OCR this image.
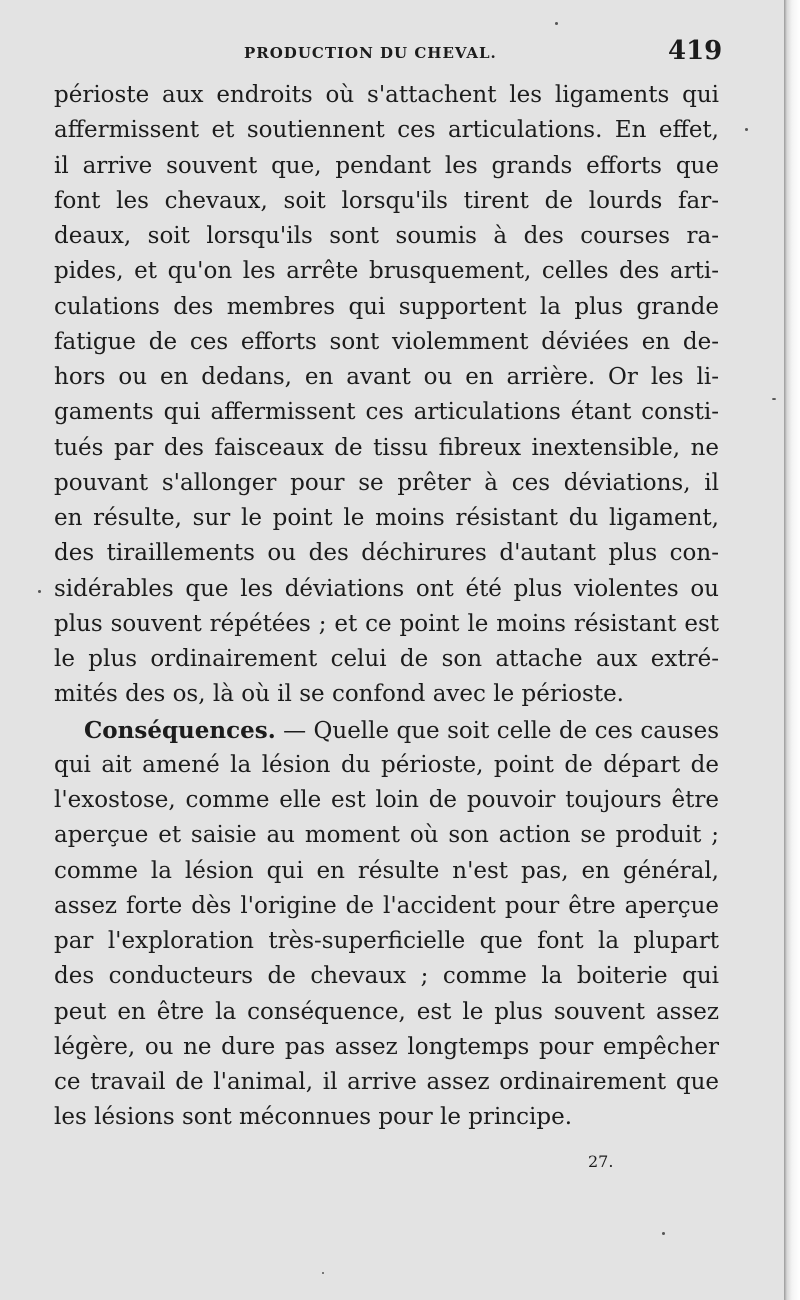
PRODUCTION DU CHEVAL.	419
périoste aux endroits où s'attachent les ligaments qui
affermissent et soutiennent ces articulations. En effet,
il arrive souvent que, pendant les grands efforts que
font les chevaux, soit lorsqu'ils tirent de lourds far-
deaux, soit lorsqu'ils sont soumis à des courses ra-
pides, et qu'on les arrête brusquement, celles des arti-
culations des membres qui supportent la plus grande
fatigue de ces efforts sont violemment déviées en de-
hors ou en dedans, en avant ou en arrière. Or les li-
gaments qui affermissent ces articulations étant consti-
tués par des faisceaux de tissu fibreux inextensible, ne
pouvant s'allonger pour se prêter à ces déviations, il
en résulte, sur le point le moins résistant du ligament,
des tiraillements ou des déchirures d'autant plus con-
sidérables que les déviations ont été plus violentes ou
plus souvent répétées ; et ce point le moins résistant est
le plus ordinairement celui de son attache aux extré-
mités des os, là où il se confond avec le périoste.
Conséquences. — Quelle que soit celle de ces causes
qui ait amené la lésion du périoste, point de départ de
l'exostose, comme elle est loin de pouvoir toujours être
aperçue et saisie au moment où son action se produit ;
comme la lésion qui en résulte n'est pas, en général,
assez forte dès l'origine de l'accident pour être aperçue
par l'exploration très-superficielle que font la plupart
des conducteurs de chevaux ; comme la boiterie qui
peut en être la conséquence, est le plus souvent assez
légère, ou ne dure pas assez longtemps pour empêcher
ce travail de l'animal, il arrive assez ordinairement que
les lésions sont méconnues pour le principe.
27.
